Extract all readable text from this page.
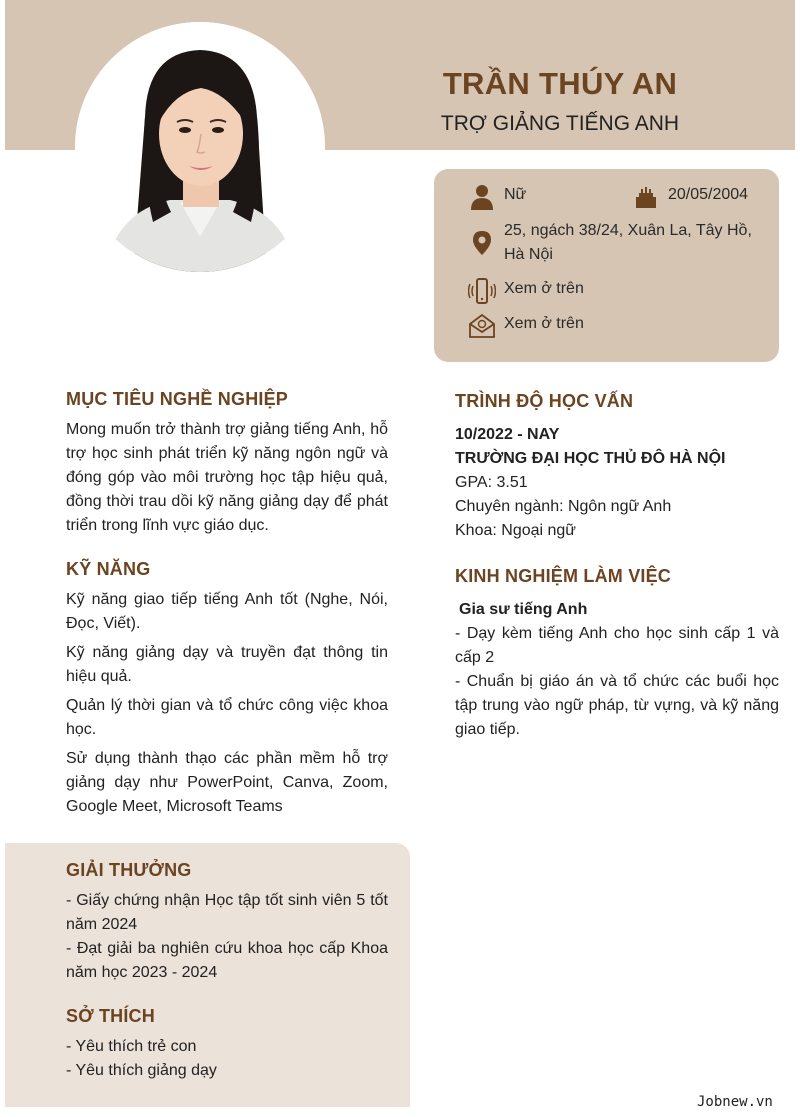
TRẦN THÚY AN
TRỢ GIẢNG TIẾNG ANH
Nữ	20/05/2004
25, ngách 38/24, Xuân La, Tây Hồ, Hà Nội
Xem ở trên
Xem ở trên
MỤC TIÊU NGHỀ NGHIỆP
Mong muốn trở thành trợ giảng tiếng Anh, hỗ trợ học sinh phát triển kỹ năng ngôn ngữ và đóng góp vào môi trường học tập hiệu quả, đồng thời trau dồi kỹ năng giảng dạy để phát triển trong lĩnh vực giáo dục.
KỸ NĂNG

Kỹ năng giao tiếp tiếng Anh tốt (Nghe, Nói, Đọc, Viết).

Kỹ năng giảng dạy và truyền đạt thông tin hiệu quả.

Quản lý thời gian và tổ chức công việc khoa học.

Sử dụng thành thạo các phần mềm hỗ trợ giảng dạy như PowerPoint, Canva, Zoom, Google Meet, Microsoft Teams

GIẢI THƯỞNG
- Giấy chứng nhận Học tập tốt sinh viên 5 tốt năm 2024
- Đạt giải ba nghiên cứu khoa học cấp Khoa năm học 2023 - 2024
SỞ THÍCH
- Yêu thích trẻ con
- Yêu thích giảng dạy
TRÌNH ĐỘ HỌC VẤN
10/2022 - NAY
TRƯỜNG ĐẠI HỌC THỦ ĐÔ HÀ NỘI
GPA: 3.51
Chuyên ngành: Ngôn ngữ Anh
Khoa: Ngoại ngữ
KINH NGHIỆM LÀM VIỆC
Gia sư tiếng Anh
- Dạy kèm tiếng Anh cho học sinh cấp 1 và cấp 2
- Chuẩn bị giáo án và tổ chức các buổi học tập trung vào ngữ pháp, từ vựng, và kỹ năng giao tiếp.
Jobnew.vn
